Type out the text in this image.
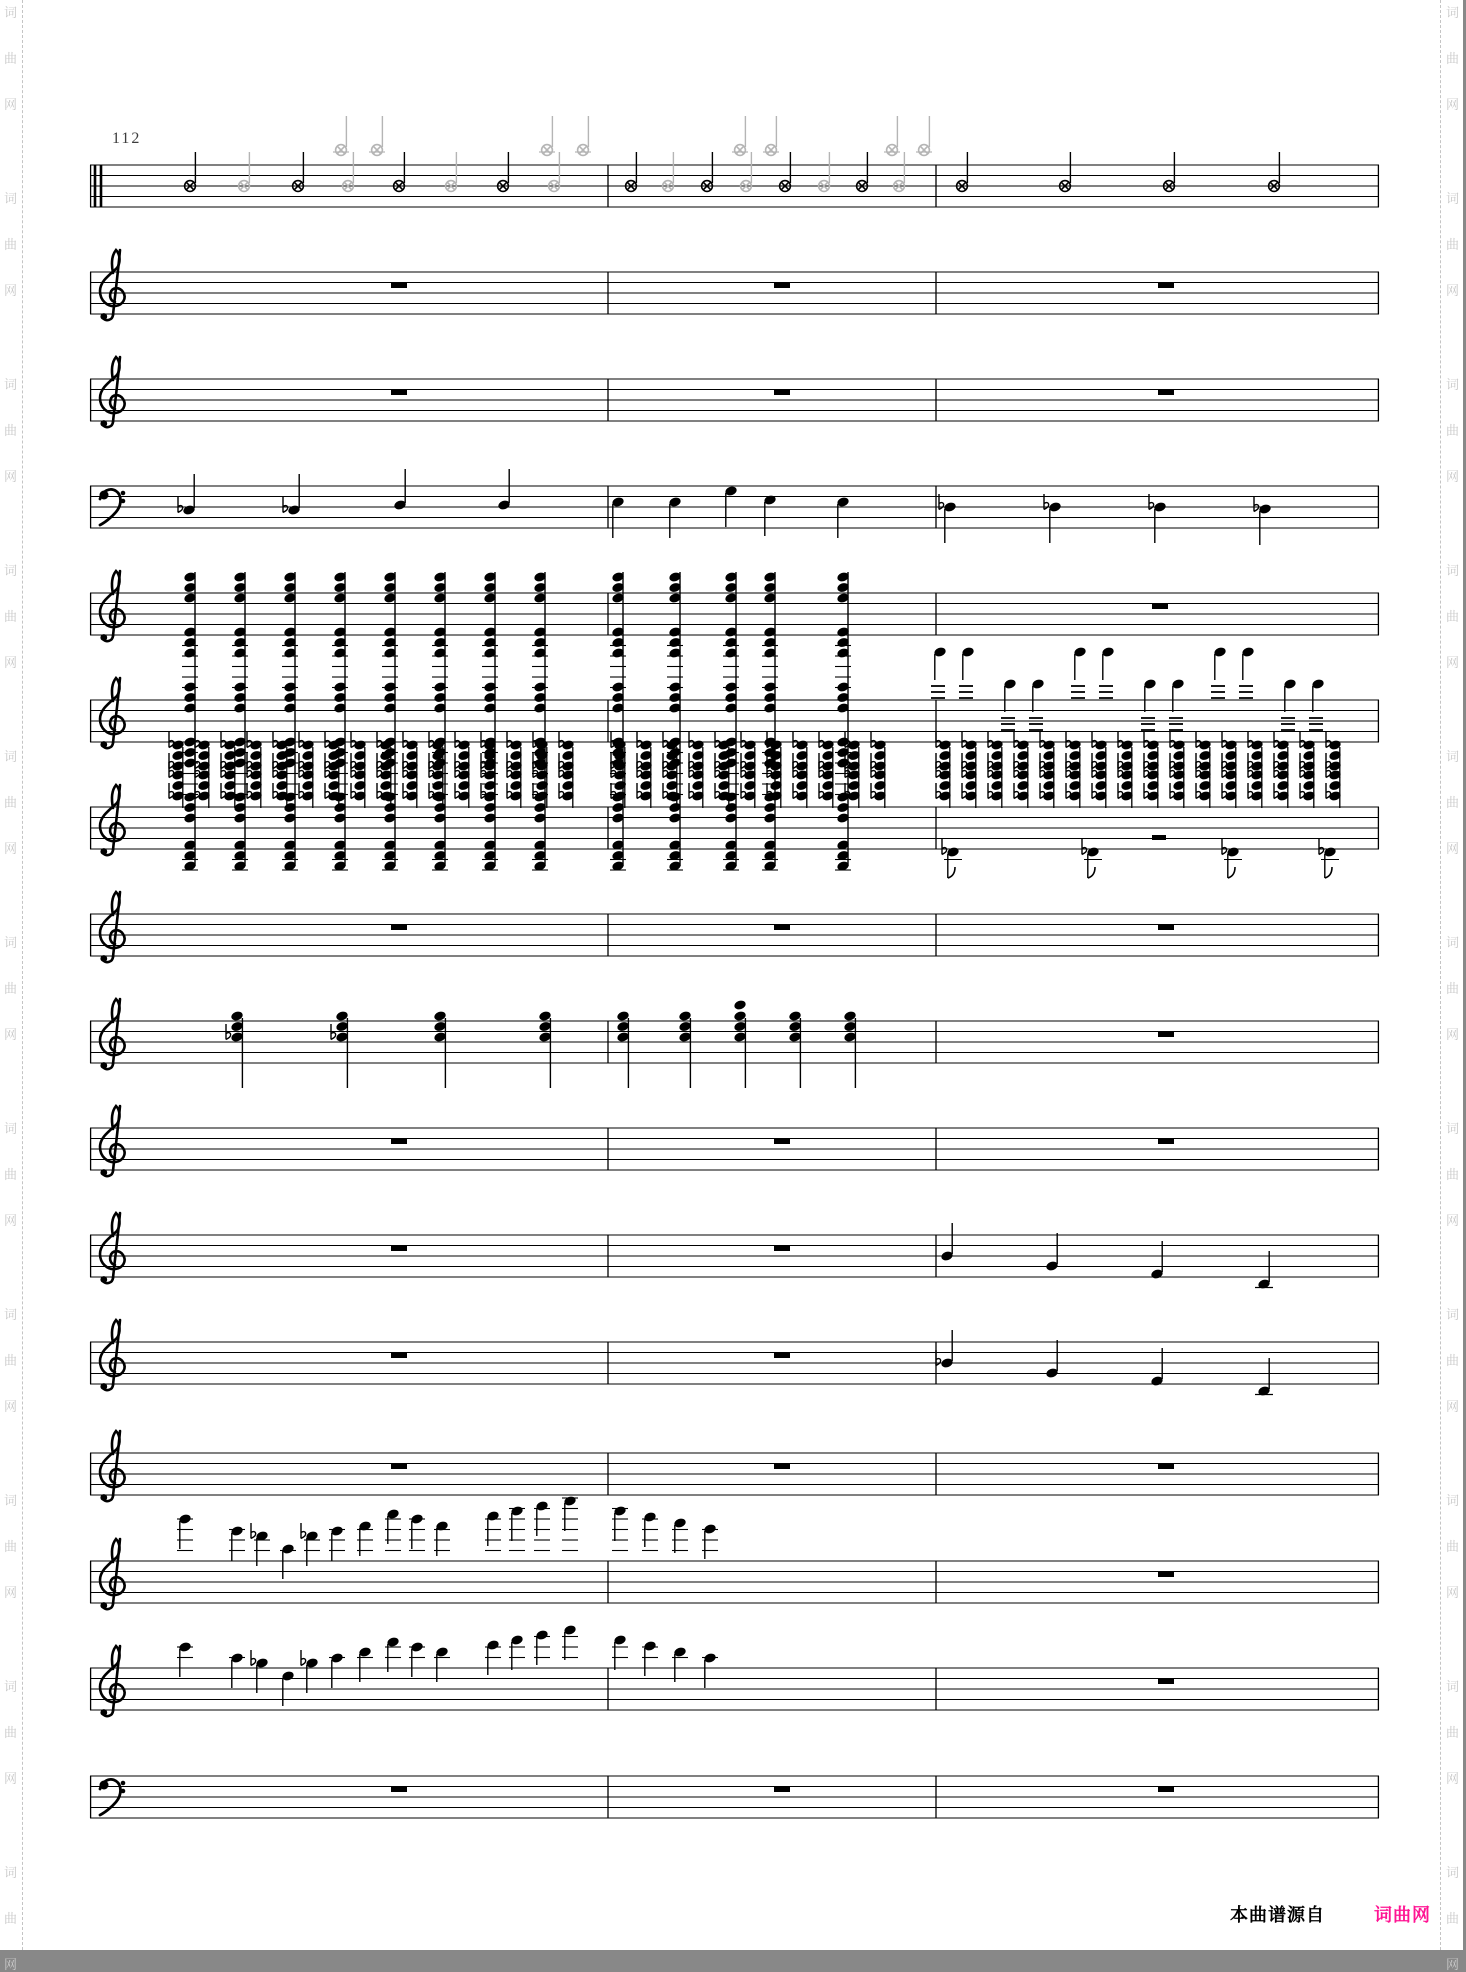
112
词
曲
网
词
曲
网
词
曲
网
词
曲
网
词
曲
网
词
曲
网
词
曲
网
词
曲
网
词
曲
网
词
曲
网
词
曲
网
词
曲
网
词
曲
网
词
曲
网
词
曲
网
词
曲
网
词
曲
网
词
曲
网
词
曲
网
词
曲
网
词
曲
网
词
曲
网
本曲谱源自	词曲网
